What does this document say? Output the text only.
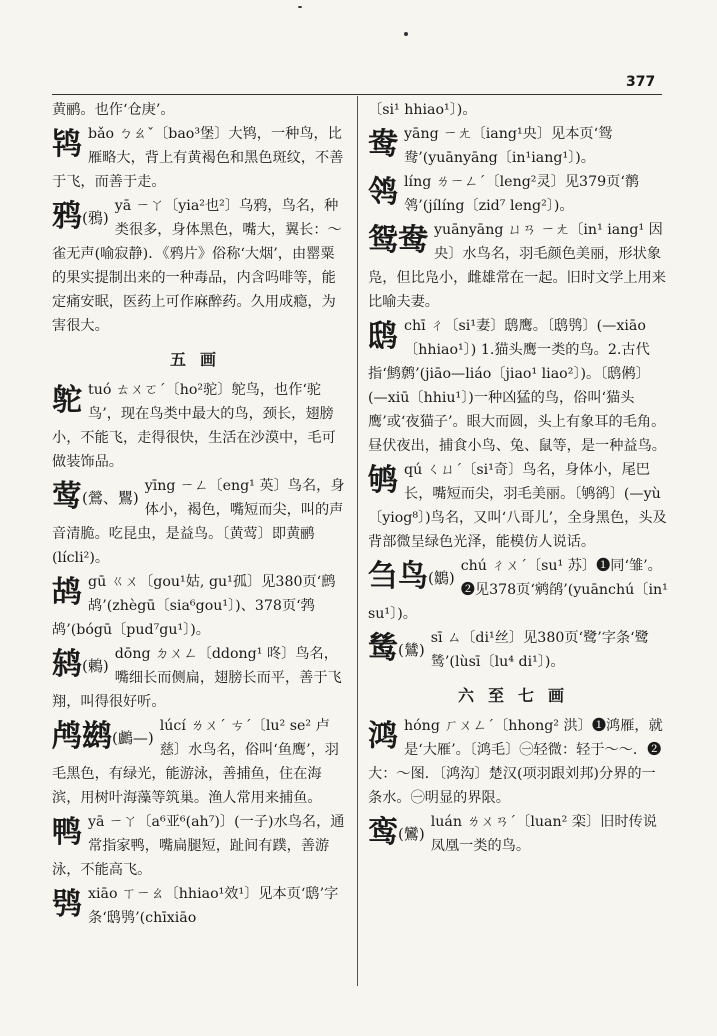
377

黄鹂。也作‘仓庚’。

鸨 bǎo ㄅㄠˇ〔bao³堡〕大鸨，一种鸟，比雁略大，背上有黄褐色和黑色斑纹，不善于飞，而善于走。
鸦(鴉)
yā ㄧㄚ〔yia²也²〕乌鸦，鸟名，种类很多，身体黑色，嘴大，翼长：～雀无声(喻寂静)．《鸦片》俗称‘大烟’，由罂粟的果实提制出来的一种毒品，内含吗啡等，能定痛安眠，医药上可作麻醉药。久用成瘾，为害很大。
五画
鸵 tuó ㄊㄨㄛˊ〔ho²驼〕鸵鸟，也作‘驼鸟’，现在鸟类中最大的鸟，颈长，翅膀小，不能飞，走得很快，生活在沙漠中，毛可做装饰品。
莺(鶯、鸎)
yīng ㄧㄥ〔eng¹ 英〕鸟名，身体小，褐色，嘴短而尖，叫的声音清脆。吃昆虫，是益鸟。〔黄莺〕即黄鹂(lícli²)。
鸪 gū ㄍㄨ〔gou¹姑, gu¹孤〕见380页‘鹧鸪’(zhègū〔sia⁶gou¹〕)、378页‘鹁鸪’(bógū〔pud⁷gu¹〕)。
鸫(鶇)
dōng ㄉㄨㄥ〔ddong¹ 咚〕鸟名，嘴细长而侧扁，翅膀长而平，善于飞翔，叫得很好听。
鸬鹚(鸕—)
lúcí ㄌㄨˊ ㄘˊ〔lu² se² 卢慈〕水鸟名，俗叫‘鱼鹰’，羽毛黑色，有绿光，能游泳，善捕鱼，住在海滨，用树叶海藻等筑巢。渔人常用来捕鱼。
鸭 yā ㄧㄚ〔a⁶亚⁶(ah⁷)〕(一子)水鸟名，通常指家鸭，嘴扁腿短，趾间有蹼，善游泳，不能高飞。
鸮 xiāo ㄒㄧㄠ〔hhiao¹效¹〕见本页‘鸱’字条‘鸱鸮’(chīxiāo

〔si¹ hhiao¹〕)。

鸯 yāng ㄧㄤ〔iang¹央〕见本页‘鸳鸯’(yuānyāng〔in¹iang¹〕)。
鸰 líng ㄌㄧㄥˊ〔leng²灵〕见379页‘鹡鸰’(jílíng〔zid⁷ leng²〕)。
鸳鸯 yuānyāng ㄩㄢ ㄧㄤ〔in¹ iang¹ 因央〕水鸟名，羽毛颜色美丽，形状象凫，但比凫小，雌雄常在一起。旧时文学上用来比喻夫妻。
鸱 chī ㄔ〔si¹妻〕鸱鹰。〔鸱鸮〕(—xiāo〔hhiao¹〕) 1.猫头鹰一类的鸟。2.古代指‘鹪鹩’(jiāo—liáo〔jiao¹ liao²〕)。〔鸱鸺〕(—xiū〔hhiu¹〕)一种凶猛的鸟，俗叫‘猫头鹰’或‘夜猫子’。眼大而圆，头上有象耳的毛角。昼伏夜出，捕食小鸟、兔、鼠等，是一种益鸟。
鸲 qú ㄑㄩˊ〔si¹奇〕鸟名，身体小，尾巴长，嘴短而尖，羽毛美丽。〔鸲鹆〕(—yù〔yiog⁸〕)鸟名，又叫‘八哥儿’，全身黑色，头及背部微呈绿色光泽，能模仿人说话。
刍鸟(鶵)
chú ㄔㄨˊ〔su¹ 苏〕❶同‘雏’。❷见378页‘鹓鹐’(yuānchú〔in¹ su¹〕)。
鸶(鷥)
sī ㄙ〔di¹丝〕见380页‘鹭’字条‘鹭鸶’(lùsī〔lu⁴ di¹〕)。
六至七画
鸿 hóng ㄏㄨㄥˊ〔hhong² 洪〕❶鸿雁，就是‘大雁’。〔鸿毛〕㊀轻微：轻于～～．❷大：～图．〔鸿沟〕楚汉(项羽跟刘邦)分界的一条水。㊀明显的界限。
鸾(鸞)
luán ㄌㄨㄢˊ〔luan² 栾〕旧时传说凤凰一类的鸟。
